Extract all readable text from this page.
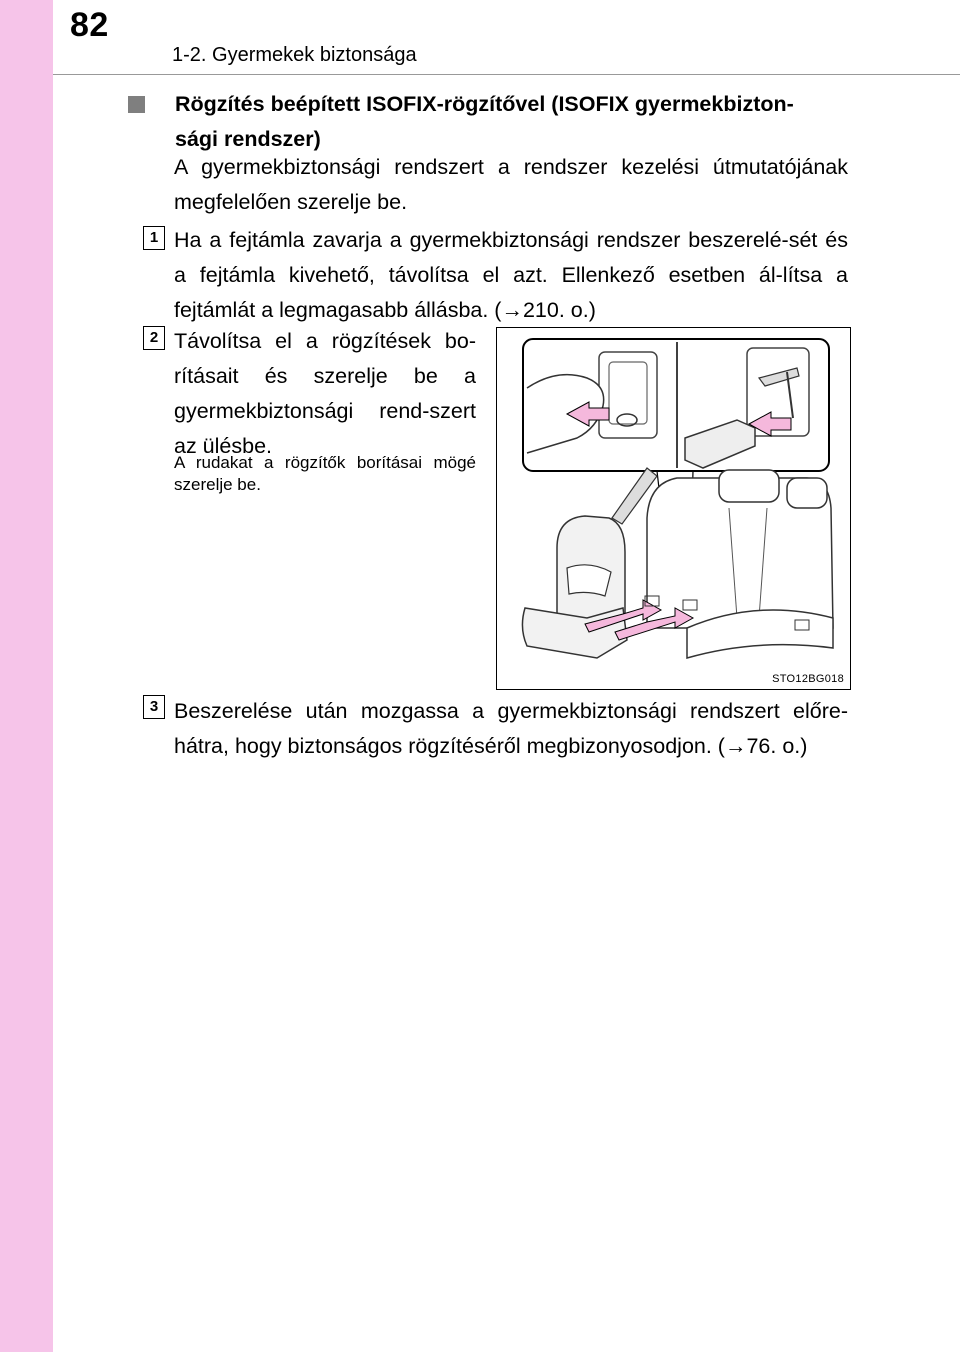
82
1-2. Gyermekek biztonsága
Rögzítés beépített ISOFIX-rögzítővel (ISOFIX gyermekbizton-
sági rendszer)
A gyermekbiztonsági rendszert a rendszer kezelési útmutatójának megfelelően szerelje be.
1 Ha a fejtámla zavarja a gyermekbiztonsági rendszer beszerelé-sét és a fejtámla kivehető, távolítsa el azt. Ellenkező esetben ál-lítsa a fejtámlát a legmagasabb állásba. (→210. o.)
2 Távolítsa el a rögzítések bo-rításait és szerelje be a gyermekbiztonsági rend-szert az ülésbe.
A rudakat a rögzítők borításai mögé szerelje be.
STO12BG018
3 Beszerelése után mozgassa a gyermekbiztonsági rendszert előre-hátra, hogy biztonságos rögzítéséről megbizonyosodjon. (→76. o.)
